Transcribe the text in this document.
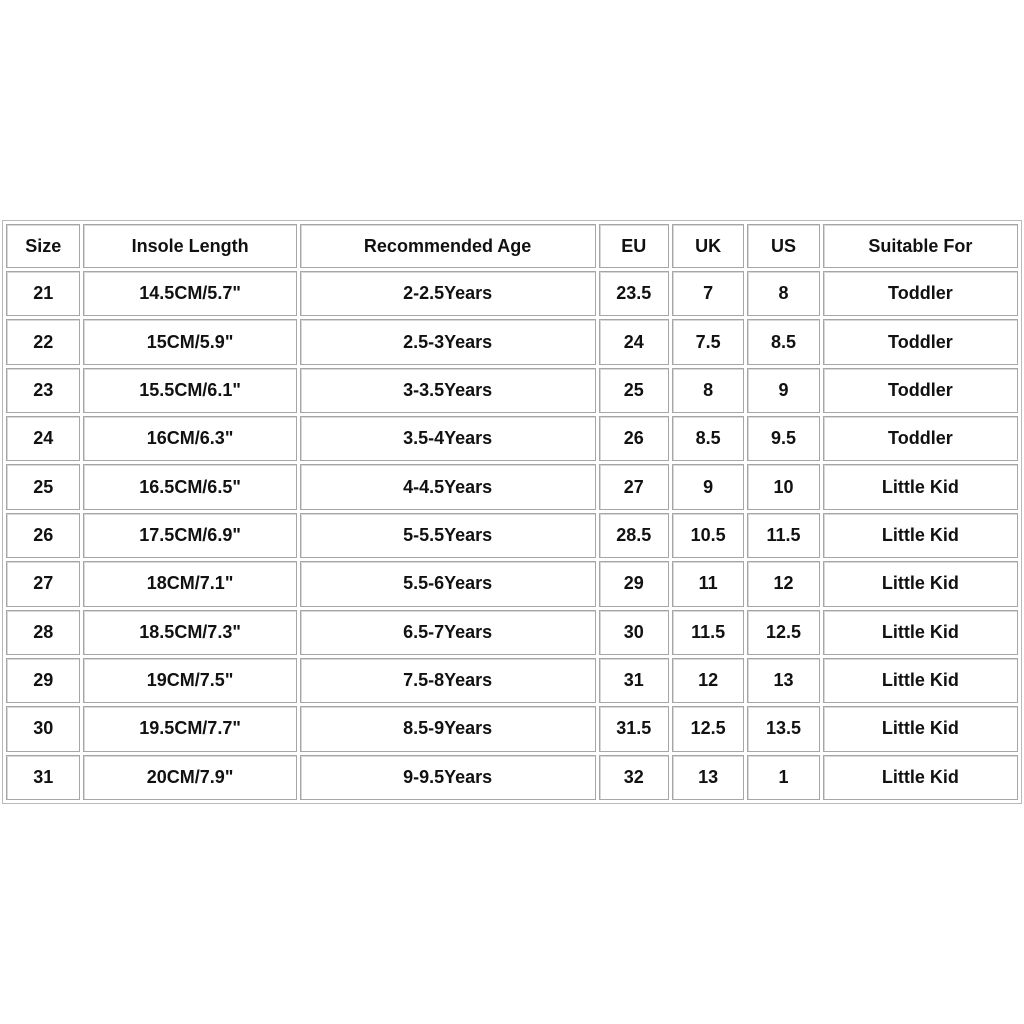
Size	Insole Length	Recommended Age	EU	UK	US	Suitable For
21	14.5CM/5.7"	2-2.5Years	23.5	7	8	Toddler
22	15CM/5.9"	2.5-3Years	24	7.5	8.5	Toddler
23	15.5CM/6.1"	3-3.5Years	25	8	9	Toddler
24	16CM/6.3"	3.5-4Years	26	8.5	9.5	Toddler
25	16.5CM/6.5"	4-4.5Years	27	9	10	Little Kid
26	17.5CM/6.9"	5-5.5Years	28.5	10.5	11.5	Little Kid
27	18CM/7.1"	5.5-6Years	29	11	12	Little Kid
28	18.5CM/7.3"	6.5-7Years	30	11.5	12.5	Little Kid
29	19CM/7.5"	7.5-8Years	31	12	13	Little Kid
30	19.5CM/7.7"	8.5-9Years	31.5	12.5	13.5	Little Kid
31	20CM/7.9"	9-9.5Years	32	13	1	Little Kid
